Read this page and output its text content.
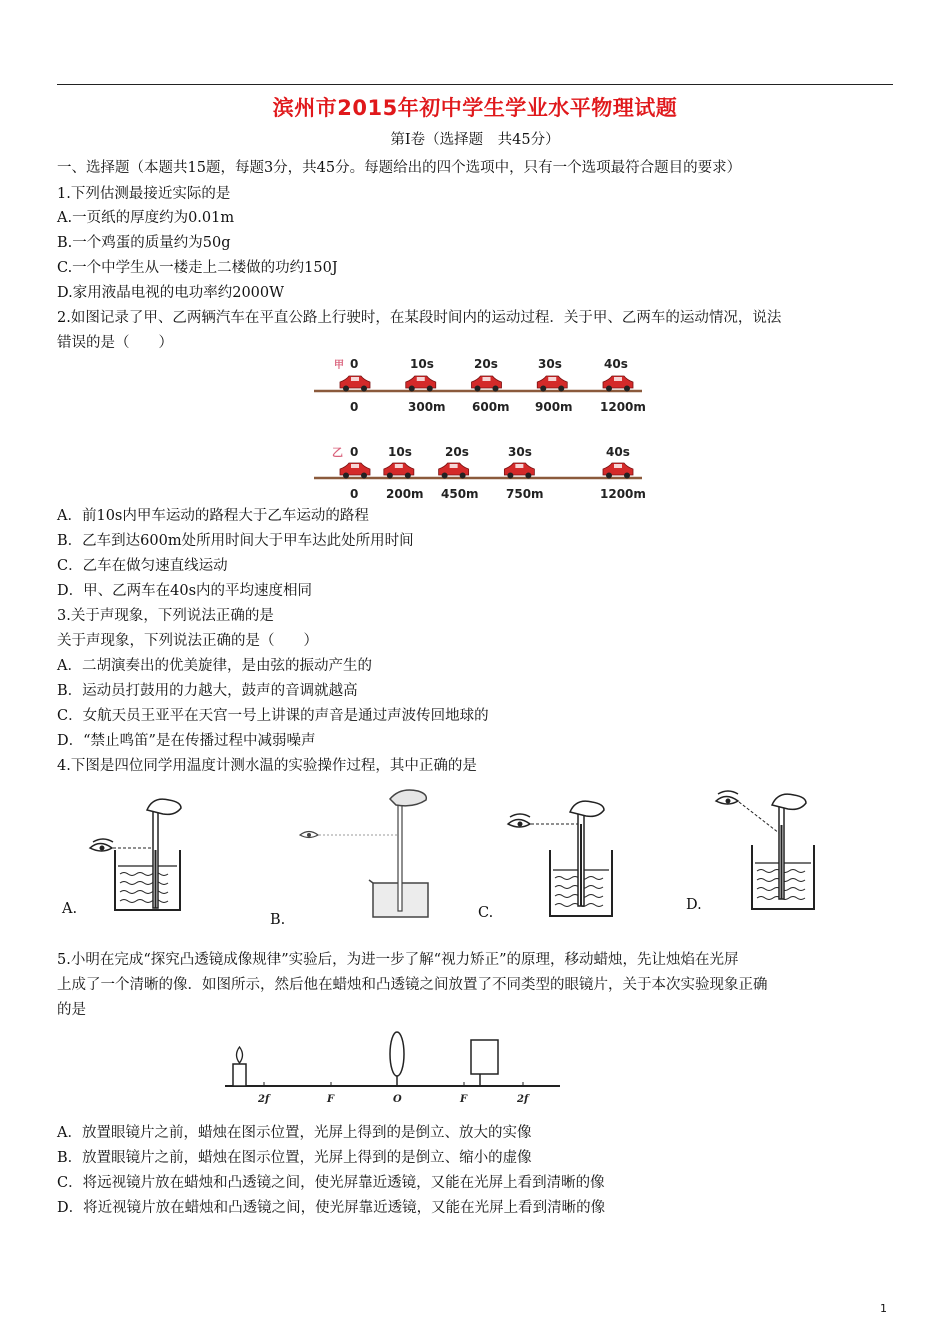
滨州市2015年初中学生学业水平物理试题
第Ⅰ卷（选择题　共45分）
一、选择题（本题共15题，每题3分，共45分。每题给出的四个选项中，只有一个选项最符合题目的要求）
1.下列估测最接近实际的是
A.一页纸的厚度约为0.01m
B.一个鸡蛋的质量约为50g
C.一个中学生从一楼走上二楼做的功约150J
D.家用液晶电视的电功率约2000W
2.如图记录了甲、乙两辆汽车在平直公路上行驶时，在某段时间内的运动过程．关于甲、乙两车的运动情况，说法
错误的是（　　）
甲 0	10s	20s	30s	40s
0	300m 600m 900m 1200m
乙 0 10s	20s	30s	40s
0 200m 450m 750m	1200m
A．前10s内甲车运动的路程大于乙车运动的路程
B．乙车到达600m处所用时间大于甲车达此处所用时间
C．乙车在做匀速直线运动
D．甲、乙两车在40s内的平均速度相同
3.关于声现象，下列说法正确的是
关于声现象，下列说法正确的是（　　）
A．二胡演奏出的优美旋律，是由弦的振动产生的
B．运动员打鼓用的力越大，鼓声的音调就越高
C．女航天员王亚平在天宫一号上讲课的声音是通过声波传回地球的
D．“禁止鸣笛”是在传播过程中减弱噪声
4.下图是四位同学用温度计测水温的实验操作过程，其中正确的是
A.
B.	C.	D.
5.小明在完成“探究凸透镜成像规律”实验后，为进一步了解“视力矫正”的原理，移动蜡烛，先让烛焰在光屏
上成了一个清晰的像．如图所示，然后他在蜡烛和凸透镜之间放置了不同类型的眼镜片，关于本次实验现象正确
的是
2f	F	O	F	2f
A．放置眼镜片之前，蜡烛在图示位置，光屏上得到的是倒立、放大的实像
B．放置眼镜片之前，蜡烛在图示位置，光屏上得到的是倒立、缩小的虚像
C．将远视镜片放在蜡烛和凸透镜之间，使光屏靠近透镜，又能在光屏上看到清晰的像
D．将近视镜片放在蜡烛和凸透镜之间，使光屏靠近透镜，又能在光屏上看到清晰的像
1
